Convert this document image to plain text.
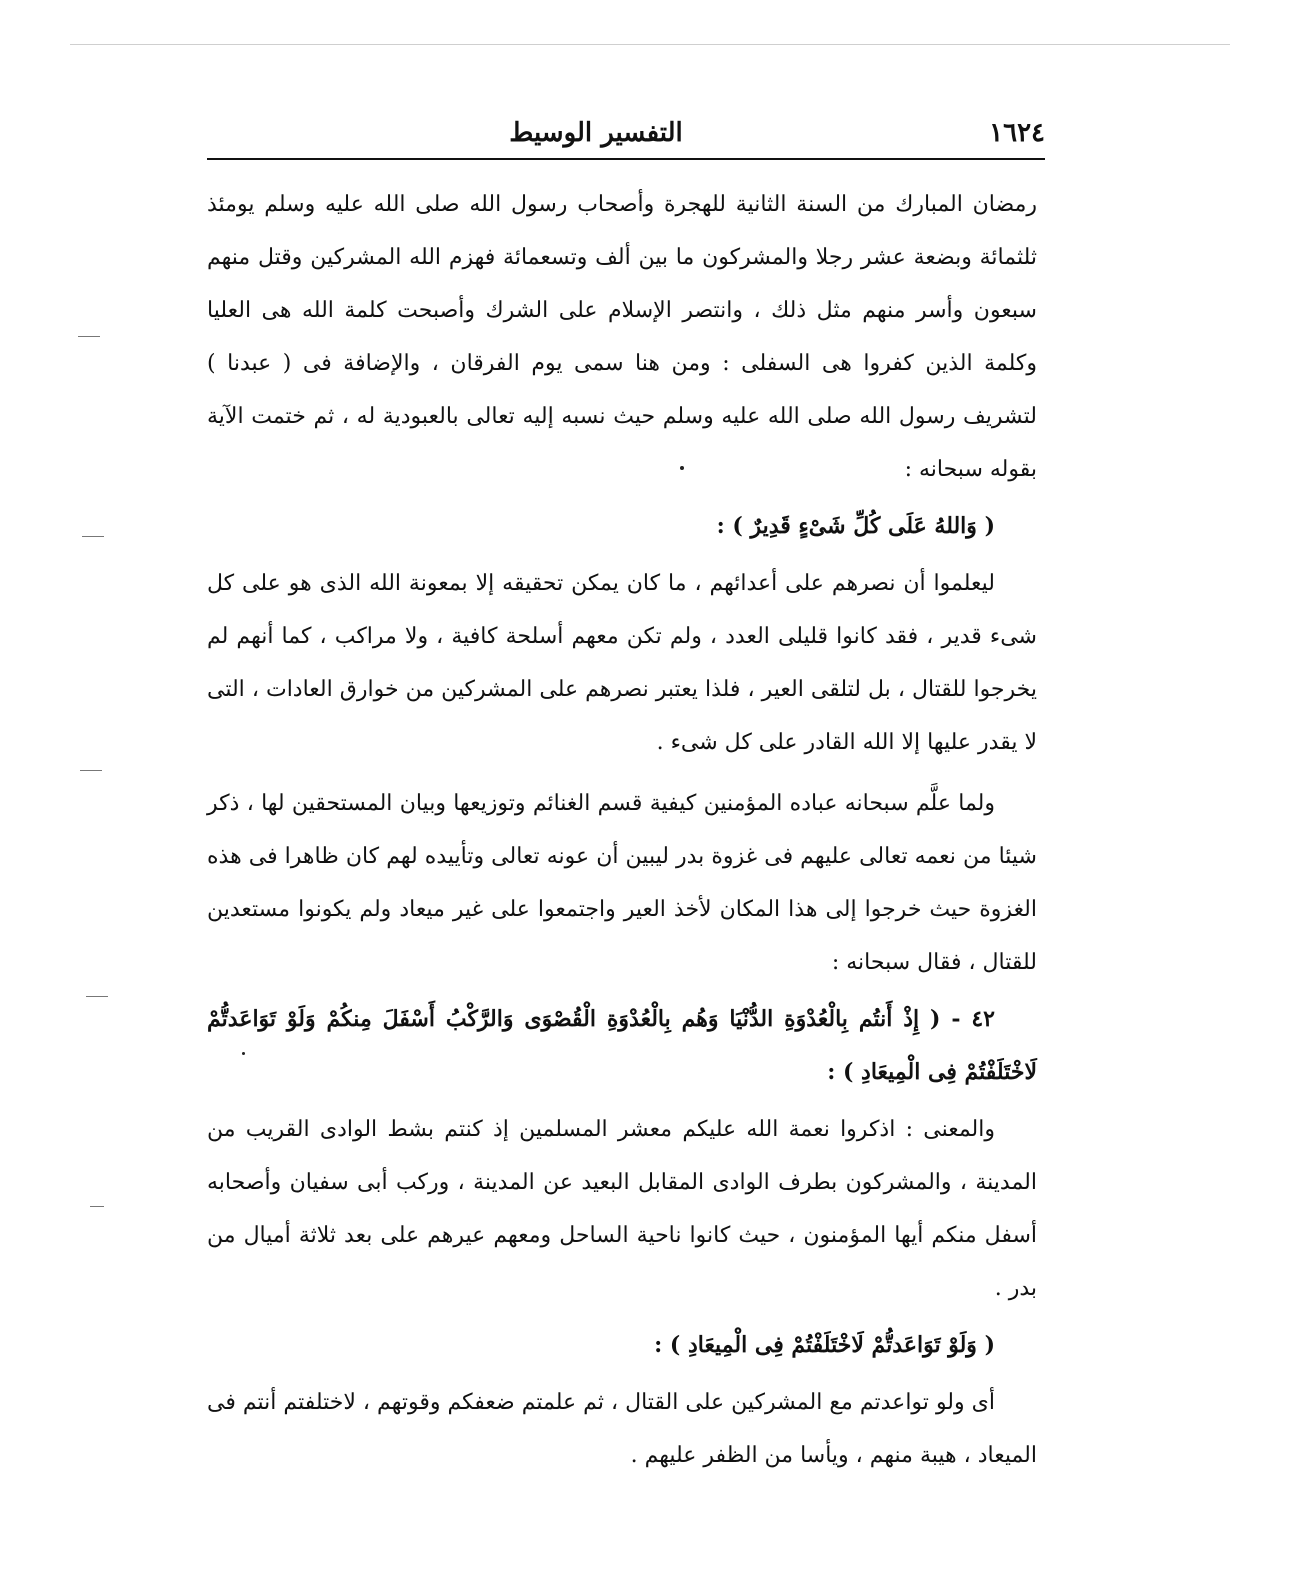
التفسير الوسيط	١٦٢٤

رمضان المبارك من السنة الثانية للهجرة وأصحاب رسول الله صلى الله عليه وسلم يومئذ ثلثمائة وبضعة عشر رجلا والمشركون ما بين ألف وتسعمائة فهزم الله المشركين وقتل منهم سبعون وأسر منهم مثل ذلك ، وانتصر الإسلام على الشرك وأصبحت كلمة الله هى العليا وكلمة الذين كفروا هى السفلى : ومن هنا سمى يوم الفرقان ، والإضافة فى ( عبدنا ) لتشريف رسول الله صلى الله عليه وسلم حيث نسبه إليه تعالى بالعبودية له ، ثم ختمت الآية بقوله سبحانه :

( وَاللهُ عَلَى كُلِّ شَىْءٍ قَدِيرٌ ) :

ليعلموا أن نصرهم على أعدائهم ، ما كان يمكن تحقيقه إلا بمعونة الله الذى هو على كل شىء قدير ، فقد كانوا قليلى العدد ، ولم تكن معهم أسلحة كافية ، ولا مراكب ، كما أنهم لم يخرجوا للقتال ، بل لتلقى العير ، فلذا يعتبر نصرهم على المشركين من خوارق العادات ، التى لا يقدر عليها إلا الله القادر على كل شىء .

ولما علَّم سبحانه عباده المؤمنين كيفية قسم الغنائم وتوزيعها وبيان المستحقين لها ، ذكر شيئا من نعمه تعالى عليهم فى غزوة بدر ليبين أن عونه تعالى وتأييده لهم كان ظاهرا فى هذه الغزوة حيث خرجوا إلى هذا المكان لأخذ العير واجتمعوا على غير ميعاد ولم يكونوا مستعدين للقتال ، فقال سبحانه :

٤٢ - ( إِذْ أَنتُم بِالْعُدْوَةِ الدُّنْيَا وَهُم بِالْعُدْوَةِ الْقُصْوَى وَالرَّكْبُ أَسْفَلَ مِنكُمْ وَلَوْ تَوَاعَدتُّمْ لَاخْتَلَفْتُمْ فِى الْمِيعَادِ ) :

والمعنى : اذكروا نعمة الله عليكم معشر المسلمين إذ كنتم بشط الوادى القريب من المدينة ، والمشركون بطرف الوادى المقابل البعيد عن المدينة ، وركب أبى سفيان وأصحابه أسفل منكم أيها المؤمنون ، حيث كانوا ناحية الساحل ومعهم عيرهم على بعد ثلاثة أميال من بدر .

( وَلَوْ تَوَاعَدتُّمْ لَاخْتَلَفْتُمْ فِى الْمِيعَادِ ) :

أى ولو تواعدتم مع المشركين على القتال ، ثم علمتم ضعفكم وقوتهم ، لاختلفتم أنتم فى الميعاد ، هيبة منهم ، ويأسا من الظفر عليهم .
